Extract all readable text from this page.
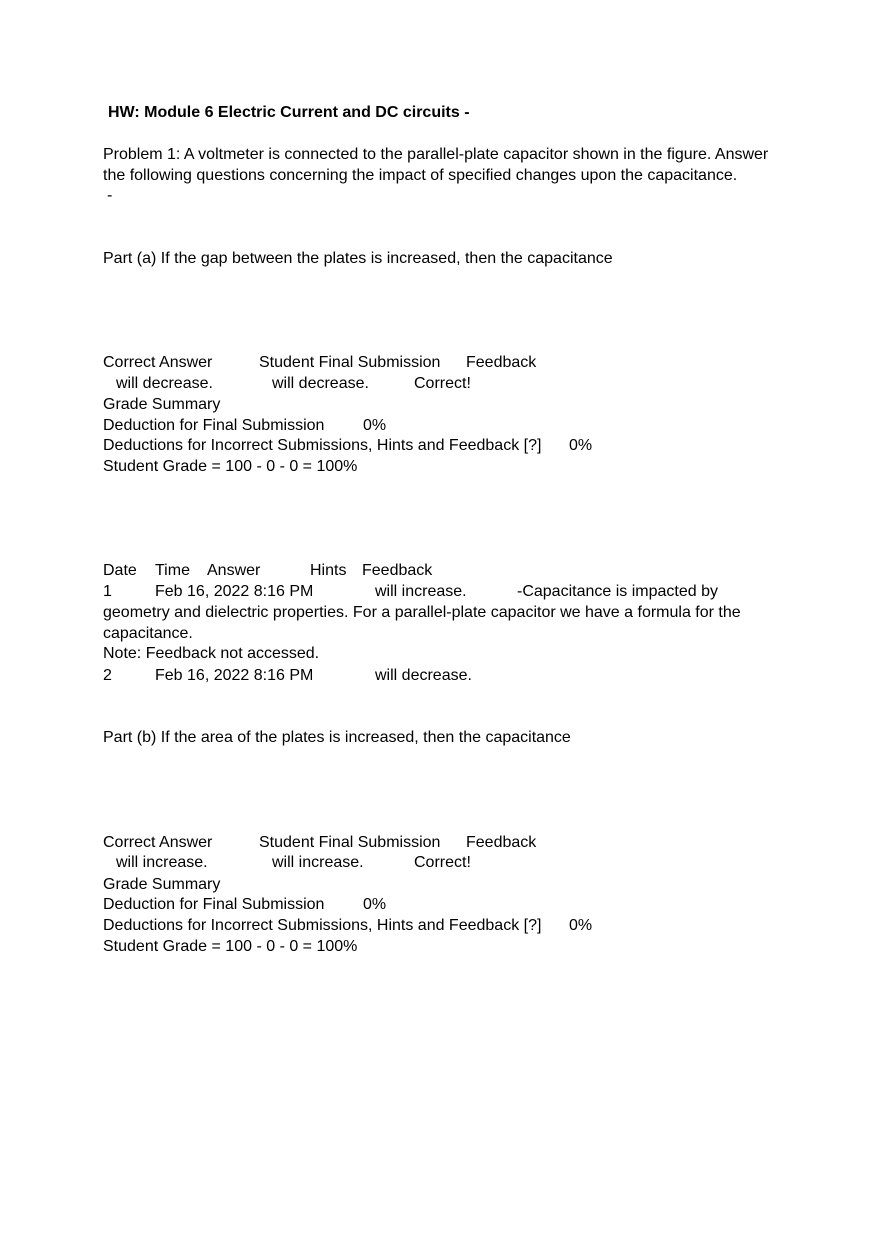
HW: Module 6 Electric Current and DC circuits -
Problem 1: A voltmeter is connected to the parallel-plate capacitor shown in the figure. Answer
the following questions concerning the impact of specified changes upon the capacitance.
-
Part (a) If the gap between the plates is increased, then the capacitance
Correct Answer	Student Final Submission Feedback
will decrease.	will decrease.	Correct!
Grade Summary
Deduction for Final Submission 0%
Deductions for Incorrect Submissions, Hints and Feedback [?] 0%
Student Grade = 100 - 0 - 0 = 100%
Date Time Answer	Hints Feedback
1	Feb 16, 2022 8:16 PM	will increase.	-Capacitance is impacted by
geometry and dielectric properties. For a parallel-plate capacitor we have a formula for the
capacitance.
Note: Feedback not accessed.
2	Feb 16, 2022 8:16 PM	will decrease.
Part (b) If the area of the plates is increased, then the capacitance
Correct Answer	Student Final Submission Feedback
will increase.	will increase.	Correct!
Grade Summary
Deduction for Final Submission 0%
Deductions for Incorrect Submissions, Hints and Feedback [?] 0%
Student Grade = 100 - 0 - 0 = 100%
